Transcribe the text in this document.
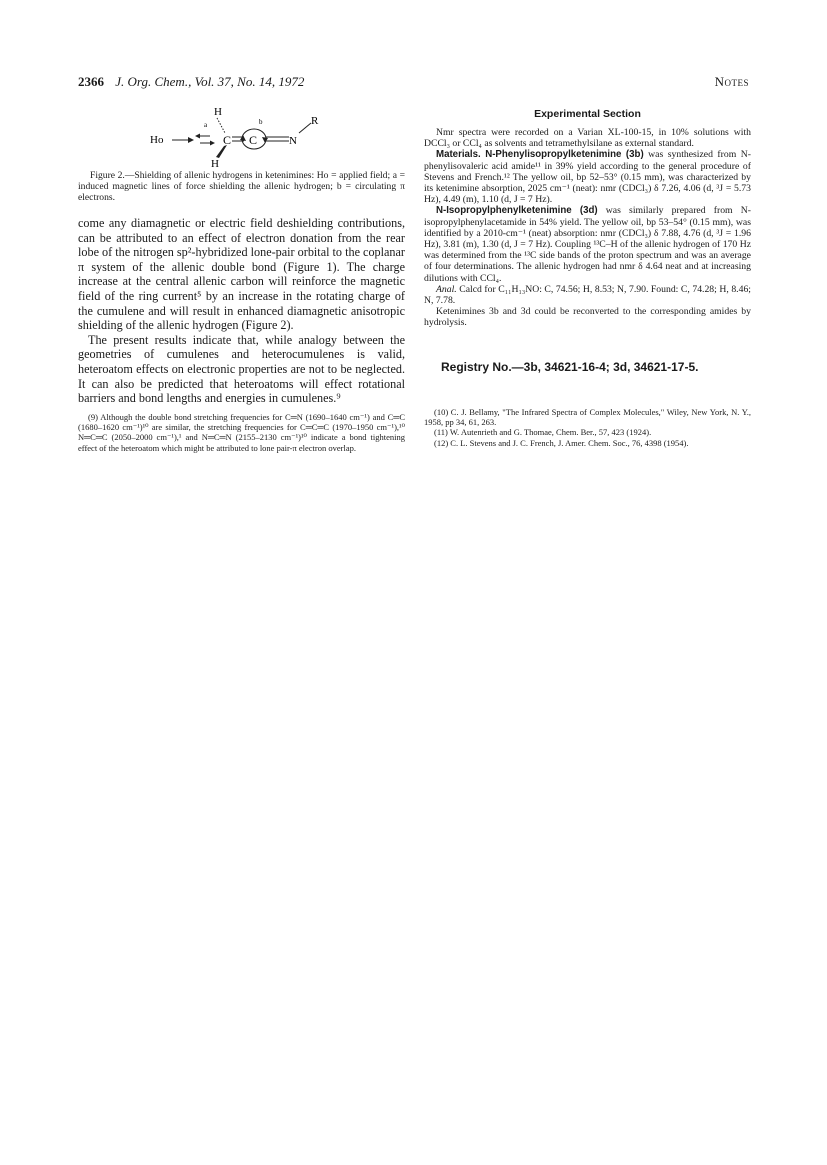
2366 J. Org. Chem., Vol. 37, No. 14, 1972	Notes
Ho
a
H
H
C C
b
N
R

Figure 2.—Shielding of allenic hydrogens in ketenimines: Ho = applied field; a = induced magnetic lines of force shielding the allenic hydrogen; b = circulating π electrons.

come any diamagnetic or electric field deshielding contributions, can be attributed to an effect of electron donation from the rear lobe of the nitrogen sp²-hybridized lone-pair orbital to the coplanar π system of the allenic double bond (Figure 1). The charge increase at the central allenic carbon will reinforce the magnetic field of the ring current⁵ by an increase in the rotating charge of the cumulene and will result in enhanced diamagnetic anisotropic shielding of the allenic hydrogen (Figure 2).

The present results indicate that, while analogy between the geometries of cumulenes and heterocumulenes is valid, heteroatom effects on electronic properties are not to be neglected. It can also be predicted that heteroatoms will effect rotational barriers and bond lengths and energies in cumulenes.⁹

(9) Although the double bond stretching frequencies for C═N (1690–1640 cm⁻¹) and C═C (1680–1620 cm⁻¹)¹⁰ are similar, the stretching frequencies for C═C═C (1970–1950 cm⁻¹),¹⁰ N═C═C (2050–2000 cm⁻¹),¹ and N═C═N (2155–2130 cm⁻¹)¹⁰ indicate a bond tightening effect of the heteroatom which might be attributed to lone pair-π electron overlap.

Experimental Section

Nmr spectra were recorded on a Varian XL-100-15, in 10% solutions with DCCl₃ or CCl₄ as solvents and tetramethylsilane as external standard.

Materials. N-Phenylisopropylketenimine (3b) was synthesized from N-phenylisovaleric acid amide¹¹ in 39% yield according to the general procedure of Stevens and French.¹² The yellow oil, bp 52–53° (0.15 mm), was characterized by its ketenimine absorption, 2025 cm⁻¹ (neat): nmr (CDCl₃) δ 7.26, 4.06 (d, ³J = 5.73 Hz), 4.49 (m), 1.10 (d, J = 7 Hz).

N-Isopropylphenylketenimine (3d) was similarly prepared from N-isopropylphenylacetamide in 54% yield. The yellow oil, bp 53–54° (0.15 mm), was identified by a 2010-cm⁻¹ (neat) absorption: nmr (CDCl₃) δ 7.88, 4.76 (d, ³J = 1.96 Hz), 3.81 (m), 1.30 (d, J = 7 Hz). Coupling ¹³C–H of the allenic hydrogen of 170 Hz was determined from the ¹³C side bands of the proton spectrum and was an average of four determinations. The allenic hydrogen had nmr δ 4.64 neat and at increasing dilutions with CCl₄.

Anal. Calcd for C₁₁H₁₃NO: C, 74.56; H, 8.53; N, 7.90. Found: C, 74.28; H, 8.46; N, 7.78.

Ketenimines 3b and 3d could be reconverted to the corresponding amides by hydrolysis.

Registry No.—3b, 34621-16-4; 3d, 34621-17-5.

(10) C. J. Bellamy, "The Infrared Spectra of Complex Molecules," Wiley, New York, N. Y., 1958, pp 34, 61, 263.

(11) W. Autenrieth and G. Thomae, Chem. Ber., 57, 423 (1924).

(12) C. L. Stevens and J. C. French, J. Amer. Chem. Soc., 76, 4398 (1954).
